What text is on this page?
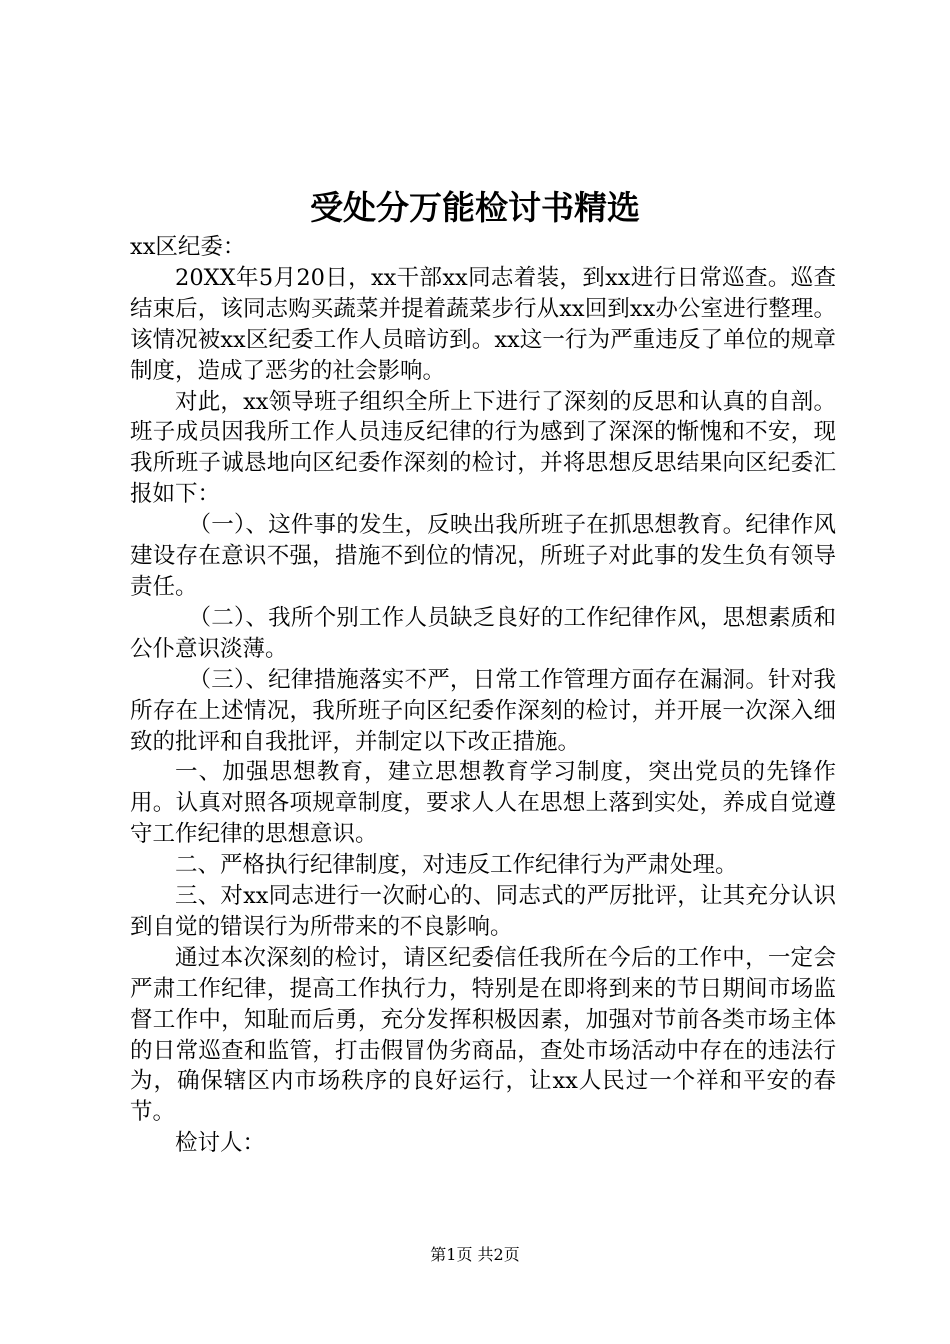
受处分万能检讨书精选

xx区纪委：

20XX年5月20日，xx干部xx同志着装，到xx进行日常巡查。巡查结束后，该同志购买蔬菜并提着蔬菜步行从xx回到xx办公室进行整理。该情况被xx区纪委工作人员暗访到。xx这一行为严重违反了单位的规章制度，造成了恶劣的社会影响。

对此，xx领导班子组织全所上下进行了深刻的反思和认真的自剖。班子成员因我所工作人员违反纪律的行为感到了深深的惭愧和不安，现我所班子诚恳地向区纪委作深刻的检讨，并将思想反思结果向区纪委汇报如下：

（一）、这件事的发生，反映出我所班子在抓思想教育。纪律作风建设存在意识不强，措施不到位的情况，所班子对此事的发生负有领导责任。

（二）、我所个别工作人员缺乏良好的工作纪律作风，思想素质和公仆意识淡薄。

（三）、纪律措施落实不严，日常工作管理方面存在漏洞。针对我所存在上述情况，我所班子向区纪委作深刻的检讨，并开展一次深入细致的批评和自我批评，并制定以下改正措施。

一、加强思想教育，建立思想教育学习制度，突出党员的先锋作用。认真对照各项规章制度，要求人人在思想上落到实处，养成自觉遵守工作纪律的思想意识。

二、严格执行纪律制度，对违反工作纪律行为严肃处理。

三、对xx同志进行一次耐心的、同志式的严厉批评，让其充分认识到自觉的错误行为所带来的不良影响。

通过本次深刻的检讨，请区纪委信任我所在今后的工作中，一定会严肃工作纪律，提高工作执行力，特别是在即将到来的节日期间市场监督工作中，知耻而后勇，充分发挥积极因素，加强对节前各类市场主体的日常巡查和监管，打击假冒伪劣商品，查处市场活动中存在的违法行为，确保辖区内市场秩序的良好运行，让xx人民过一个祥和平安的春节。

检讨人：

第1页 共2页
